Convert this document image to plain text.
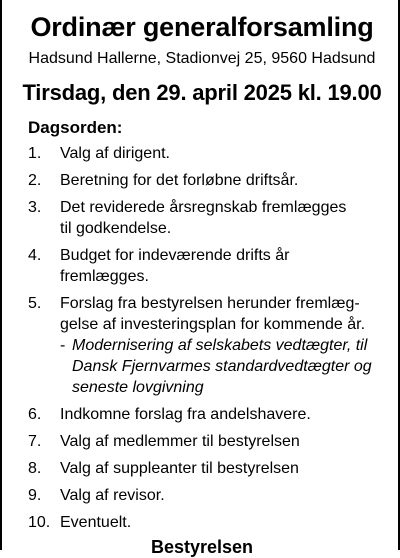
Ordinær generalforsamling
Hadsund Hallerne, Stadionvej 25, 9560 Hadsund
Tirsdag, den 29. april 2025 kl. 19.00
Dagsorden:
1. Valg af dirigent.
2. Beretning for det forløbne driftsår.
3. Det reviderede årsregnskab fremlægges
til godkendelse.
4. Budget for indeværende drifts år
fremlægges.
5. Forslag fra bestyrelsen herunder fremlæg-
gelse af investeringsplan for kommende år.
- Modernisering af selskabets vedtægter, til
Dansk Fjernvarmes standardvedtægter og
seneste lovgivning
6. Indkomne forslag fra andelshavere.
7. Valg af medlemmer til bestyrelsen
8. Valg af suppleanter til bestyrelsen
9. Valg af revisor.
10. Eventuelt.
Bestyrelsen
